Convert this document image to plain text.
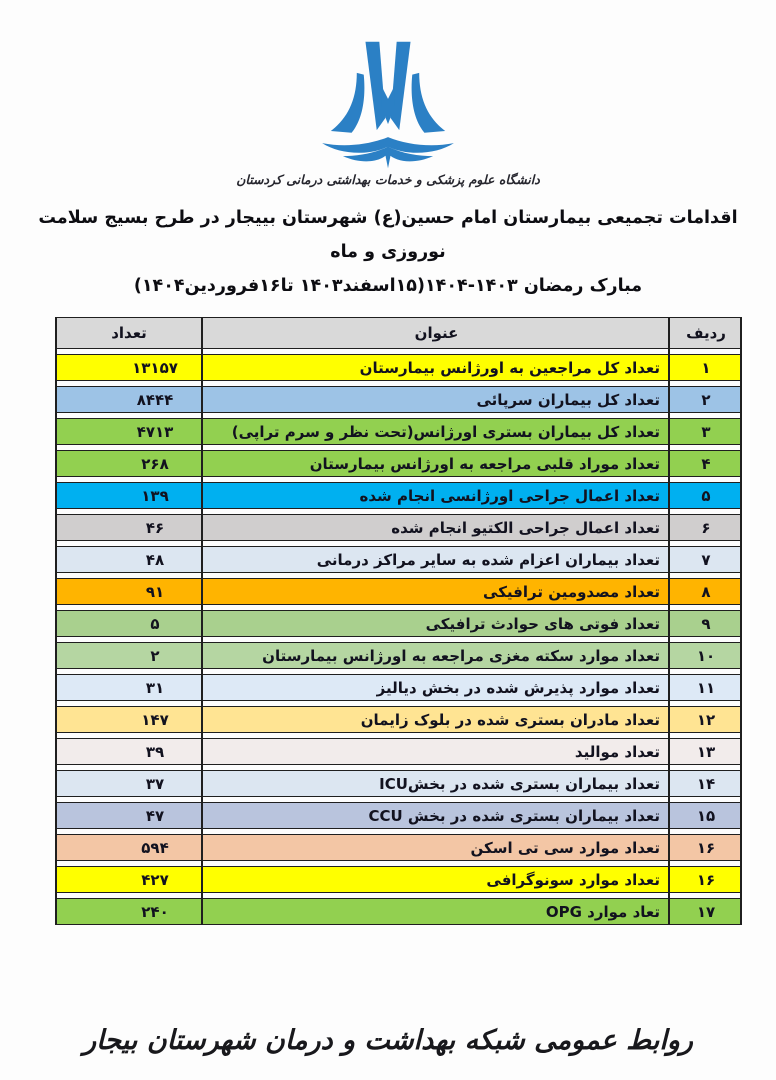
دانشگاه علوم پزشکی و خدمات بهداشتی درمانی کردستان
اقدامات تجمیعی بیمارستان امام حسین(ع) شهرستان بییجار در طرح بسیج سلامت نوروزی و ماه
مبارک رمضان ۱۴۰۳-۱۴۰۴(۱۵اسفند۱۴۰۳ تا۱۶فروردین۱۴۰۴)
ردیف
عنوان
تعداد
۱
تعداد کل مراجعین به اورژانس بیمارستان
۱۳۱۵۷
۲
تعداد کل بیماران سرپائی
۸۴۴۴
۳
تعداد کل بیماران بستری اورژانس(تحت نظر و سرم تراپی)
۴۷۱۳
۴
تعداد موراد قلبی مراجعه به اورژانس بیمارستان
۲۶۸
۵
تعداد اعمال جراحی اورژانسی انجام شده
۱۳۹
۶
تعداد اعمال جراحی الکتیو انجام شده
۴۶
۷
تعداد بیماران اعزام شده به سایر مراکز درمانی
۴۸
۸
تعداد مصدومین ترافیکی
۹۱
۹
تعداد فوتی های حوادث ترافیکی
۵
۱۰
تعداد موارد سکته مغزی مراجعه به اورژانس بیمارستان
۲
۱۱
تعداد موارد پذیرش شده در بخش دیالیز
۳۱
۱۲
تعداد مادران بستری شده در بلوک زایمان
۱۴۷
۱۳
تعداد موالید
۳۹
۱۴
تعداد بیماران بستری شده در بخشICU
۳۷
۱۵
تعداد بیماران بستری شده در بخش CCU
۴۷
۱۶
تعداد موارد سی تی اسکن
۵۹۴
۱۶
تعداد موارد سونوگرافی
۴۲۷
۱۷
تعاد موارد OPG
۲۴۰
روابط عمومی شبکه بهداشت و درمان شهرستان بیجار
